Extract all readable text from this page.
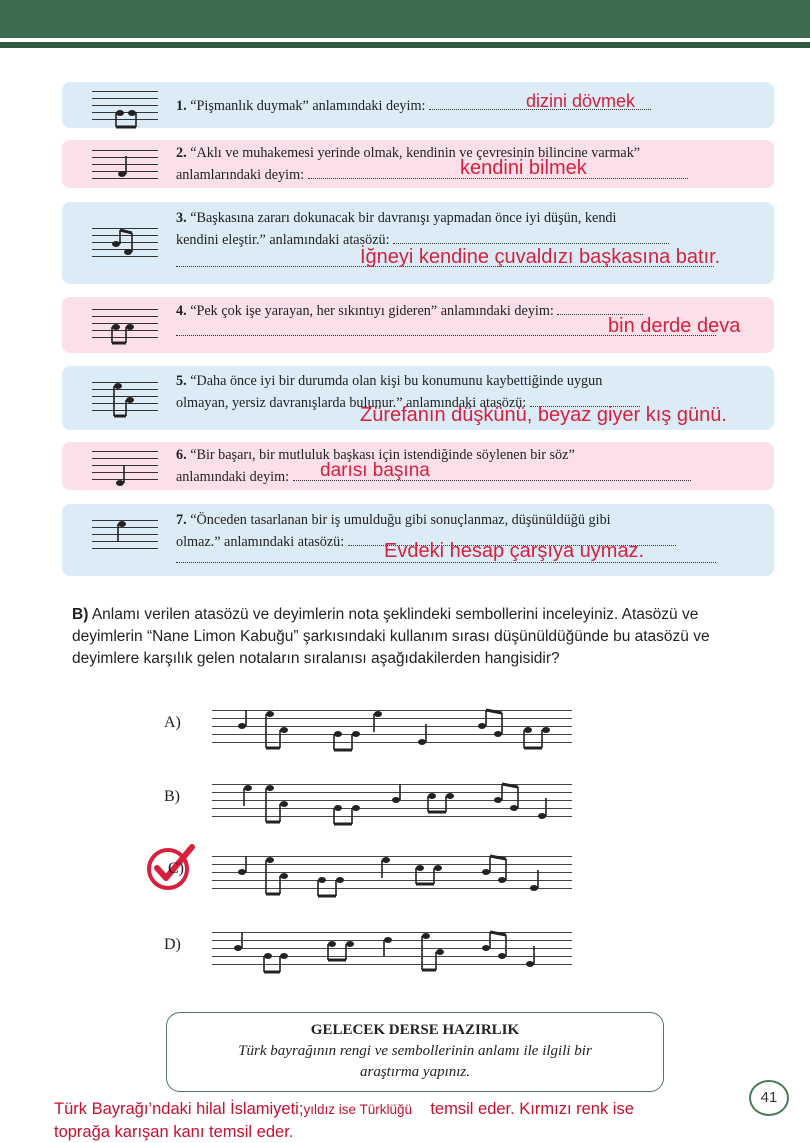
1. “Pişmanlık duymak” anlamındaki deyim:	dizini dövmek
2. “Aklı ve muhakemesi yerinde olmak, kendinin ve çevresinin bilincine varmak”
anlamlarındaki deyim:	kendini bilmek
3. “Başkasına zararı dokunacak bir davranışı yapmadan önce iyi düşün, kendi
kendini eleştir.” anlamındaki atasözü:
İğneyi kendine çuvaldızı başkasına batır.
4. “Pek çok işe yarayan, her sıkıntıyı gideren” anlamındaki deyim:
bin derde deva
5. “Daha önce iyi bir durumda olan kişi bu konumunu kaybettiğinde uygun
olmayan, yersiz davranışlarda bulunur.” anlamındaki atasözü:
Zürefanın düşkünü, beyaz giyer kış günü.
6. “Bir başarı, bir mutluluk başkası için istendiğinde söylenen bir söz”
anlamındaki deyim:	darısı başına
7. “Önceden tasarlanan bir iş umulduğu gibi sonuçlanmaz, düşünüldüğü gibi
olmaz.” anlamındaki atasözü:	Evdeki hesap çarşıya uymaz.
B) Anlamı verilen atasözü ve deyimlerin nota şeklindeki sembollerini inceleyiniz. Atasözü ve deyimlerin “Nane Limon Kabuğu” şarkısındaki kullanım sırası düşünüldüğünde bu atasözü ve deyimlere karşılık gelen notaların sıralanısı aşağıdakilerden hangisidir?
A)
B)
C)
D)
GELECEK DERSE HAZIRLIK
Türk bayrağının rengi ve sembollerinin anlamı ile ilgili bir
araştırma yapınız.
41
Türk Bayrağı’ndaki hilal İslamiyeti;yıldız ise Türklüğü temsil eder. Kırmızı renk ise
toprağa karışan kanı temsil eder.
